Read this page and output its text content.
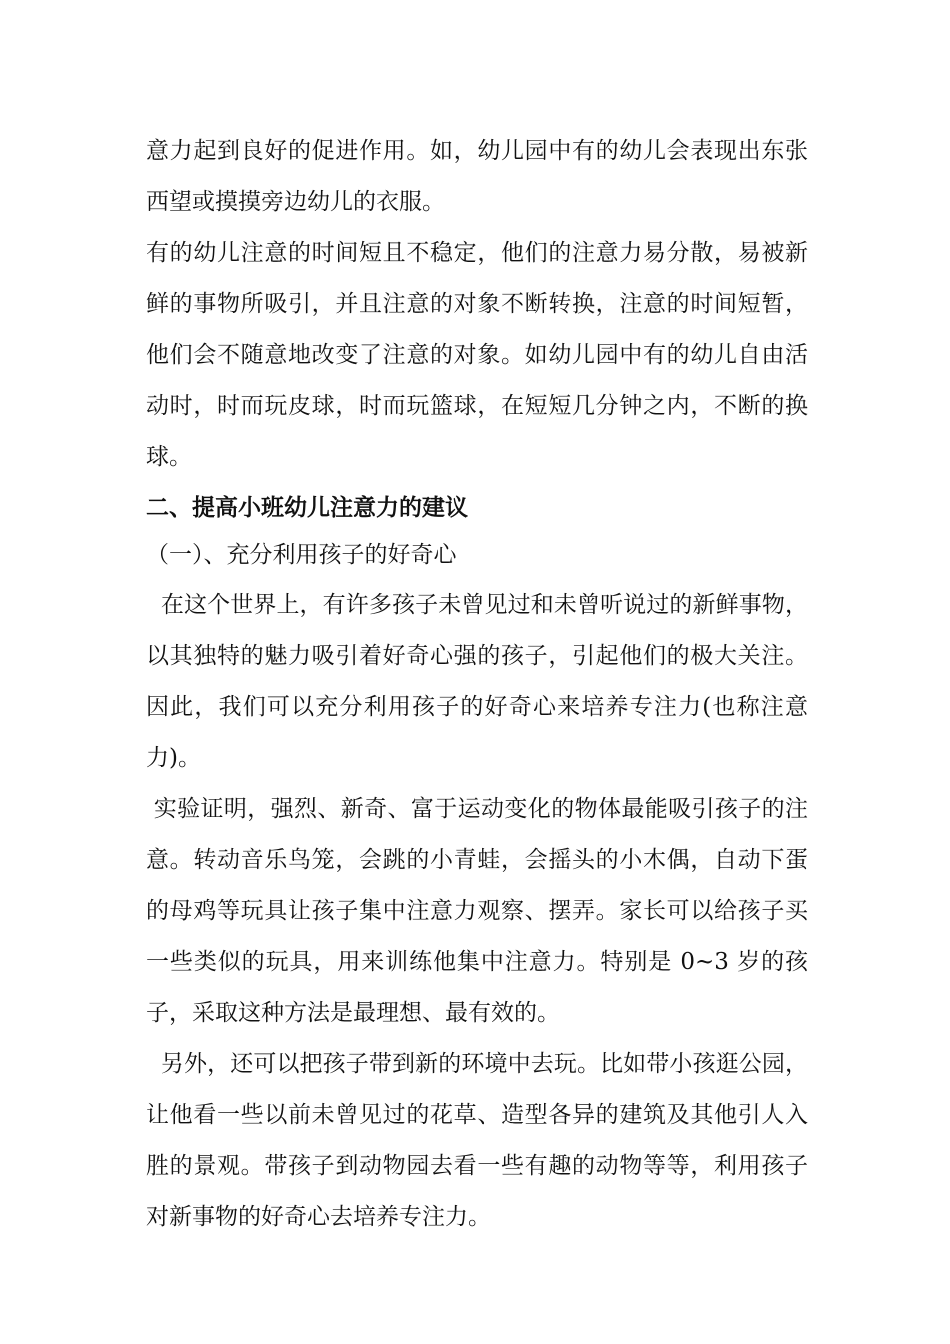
意力起到良好的促进作用。如，幼儿园中有的幼儿会表现出东张西望或摸摸旁边幼儿的衣服。

有的幼儿注意的时间短且不稳定，他们的注意力易分散，易被新鲜的事物所吸引，并且注意的对象不断转换，注意的时间短暂，他们会不随意地改变了注意的对象。如幼儿园中有的幼儿自由活动时，时而玩皮球，时而玩篮球，在短短几分钟之内，不断的换球。

二、提高小班幼儿注意力的建议

（一）、充分利用孩子的好奇心

在这个世界上，有许多孩子未曾见过和未曾听说过的新鲜事物，以其独特的魅力吸引着好奇心强的孩子，引起他们的极大关注。因此，我们可以充分利用孩子的好奇心来培养专注力(也称注意力)。

实验证明，强烈、新奇、富于运动变化的物体最能吸引孩子的注意。转动音乐鸟笼，会跳的小青蛙，会摇头的小木偶，自动下蛋的母鸡等玩具让孩子集中注意力观察、摆弄。家长可以给孩子买一些类似的玩具，用来训练他集中注意力。特别是 0~3 岁的孩子，采取这种方法是最理想、最有效的。

另外，还可以把孩子带到新的环境中去玩。比如带小孩逛公园，让他看一些以前未曾见过的花草、造型各异的建筑及其他引人入胜的景观。带孩子到动物园去看一些有趣的动物等等，利用孩子对新事物的好奇心去培养专注力。
